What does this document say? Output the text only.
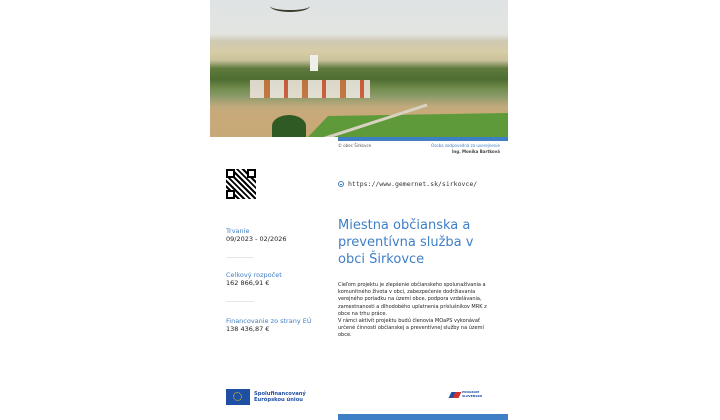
© obec Širkovce	Osoba zodpovedná za uverejnenie
Ing. Monika Bartková
https://www.gemernet.sk/sirkovce/
Trvanie
09/2023 - 02/2026
Celkový rozpočet
162 866,91 €
Financovanie zo strany EÚ
138 436,87 €
Miestna občianska a preventívna služba v obci Širkovce
Cieľom projektu je zlepšenie občianskeho spolunažívania a komunitného života v obci, zabezpečenie dodržiavania verejného poriadku na území obce, podpora vzdelávania, zamestnanosti a dlhodobého uplatnenia príslušníkov MRK z obce na trhu práce.
V rámci aktivít projektu budú členovia MOaPS vykonávať určené činnosti občianskej a preventívnej služby na území obce.
Spolufinancovaný
Európskou úniou
PROGRAM
SLOVENSKO
